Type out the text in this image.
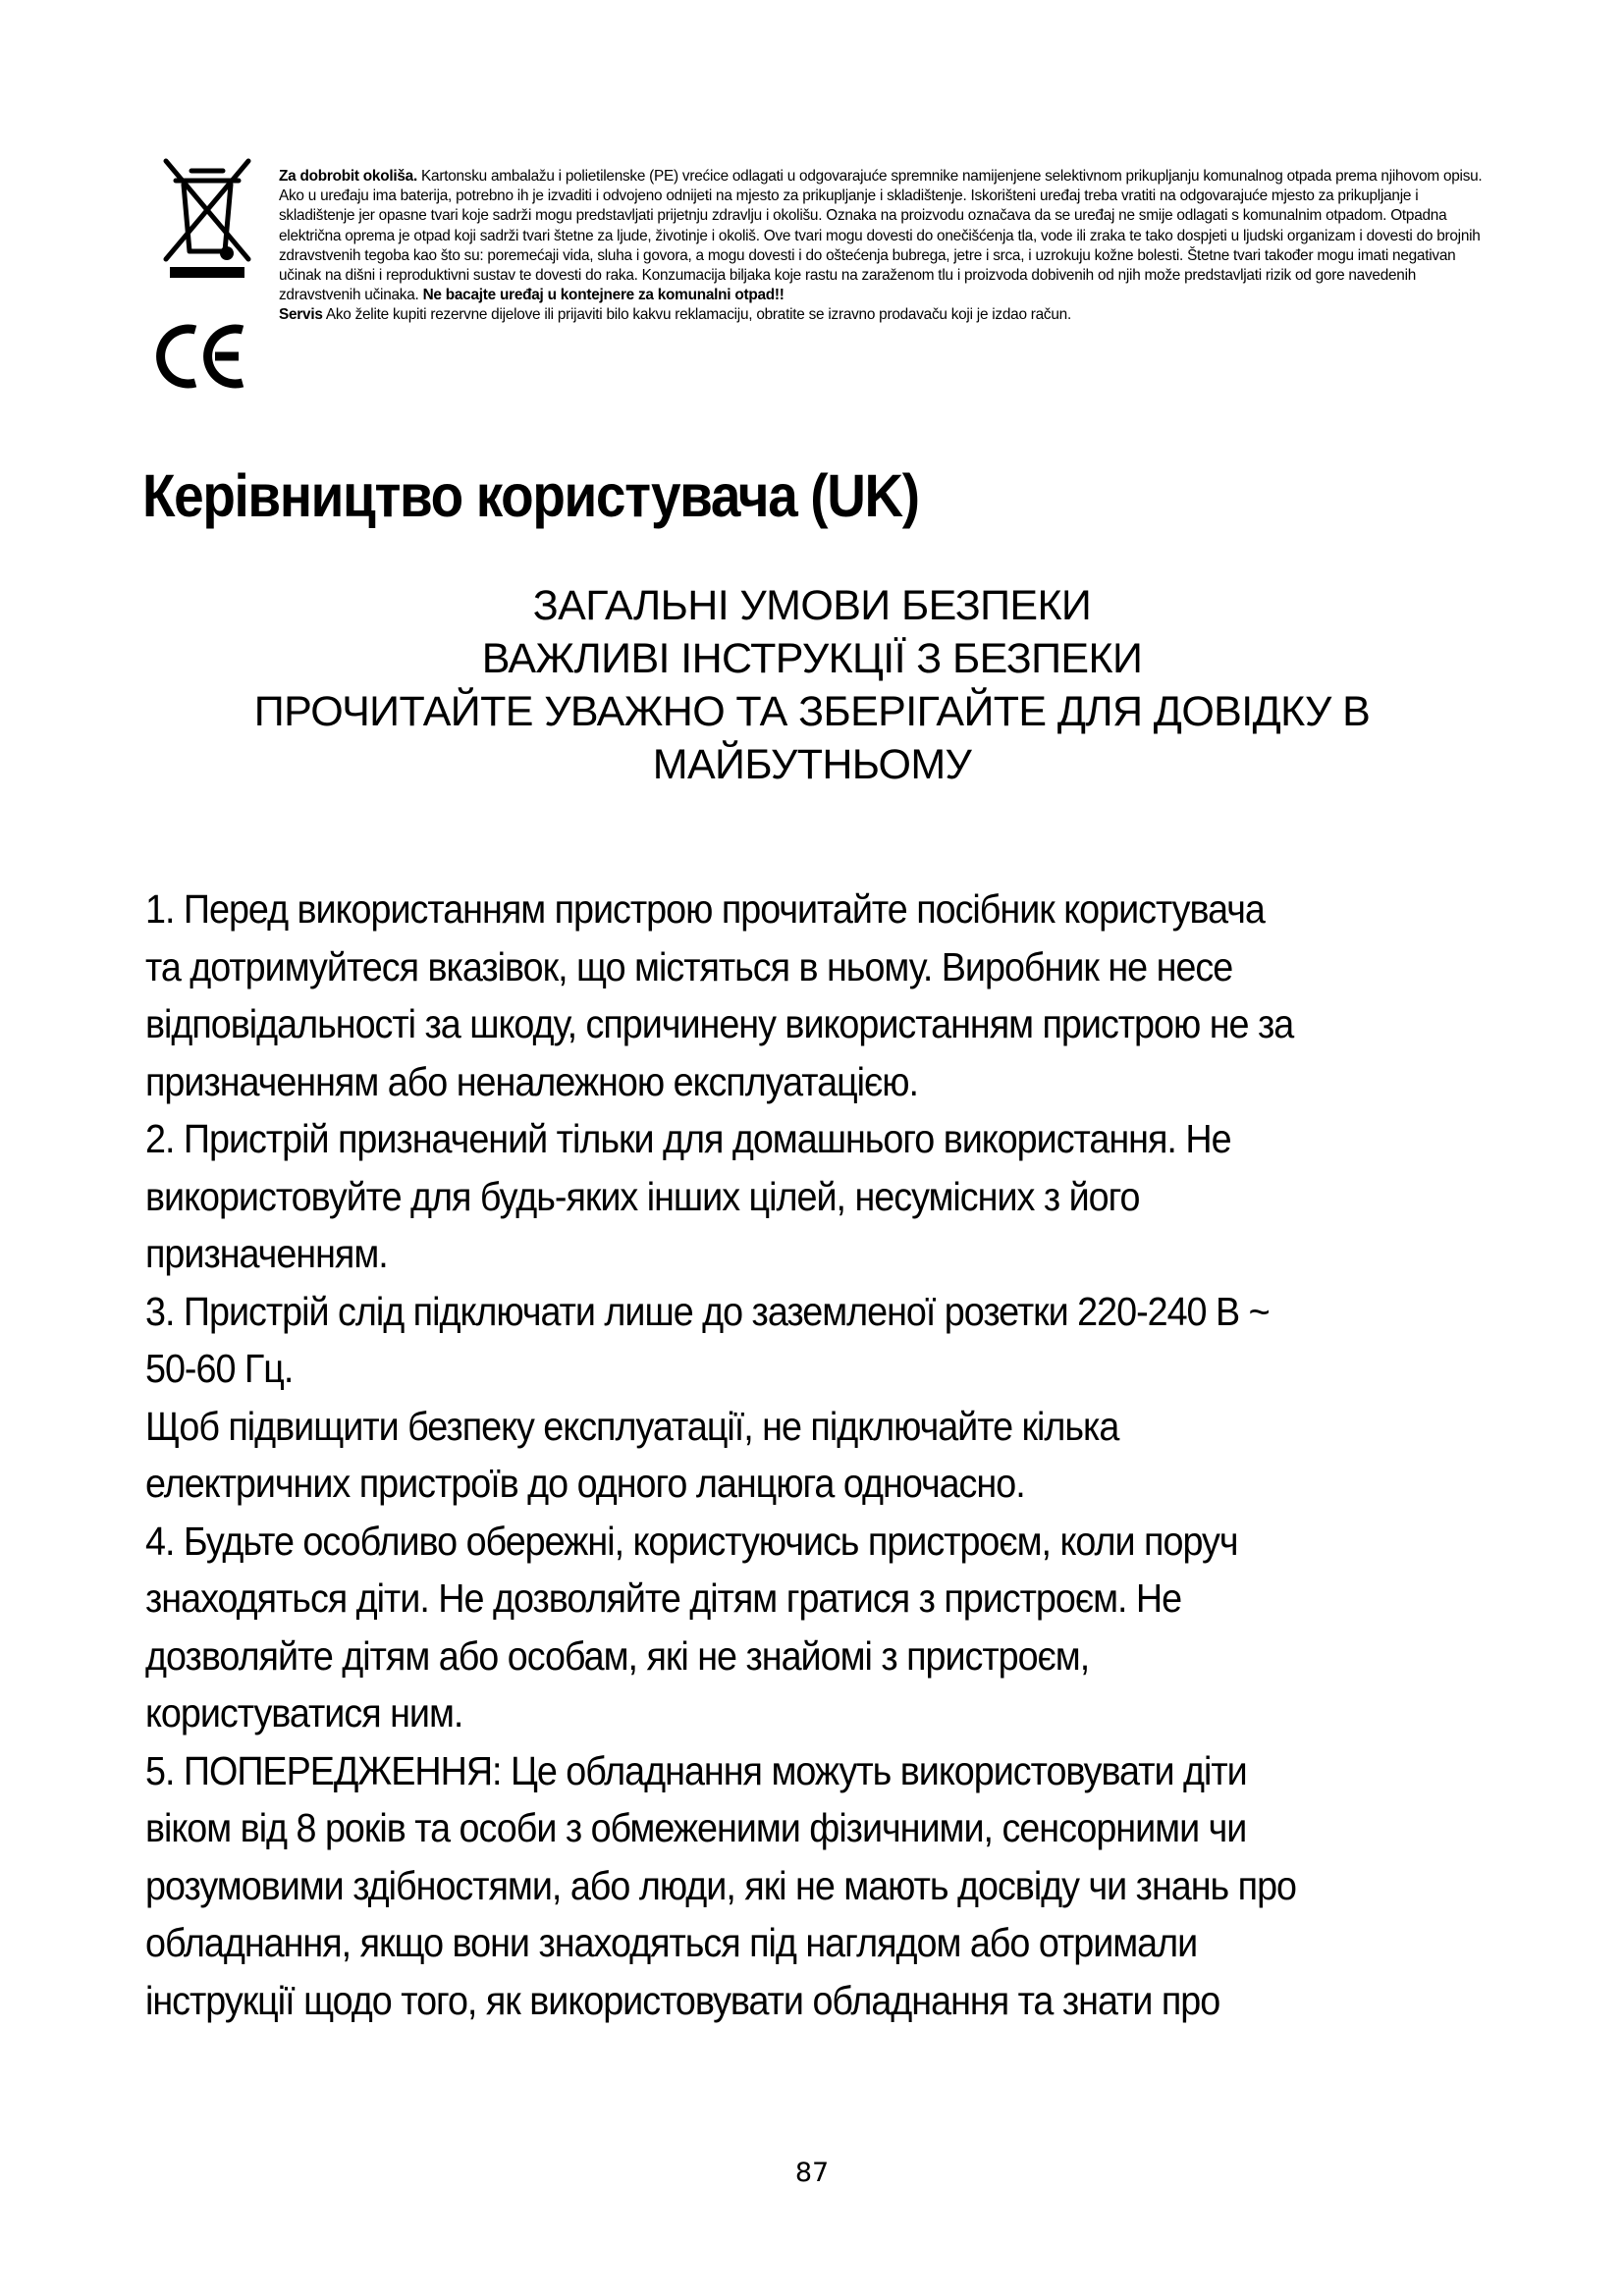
Za dobrobit okoliša. Kartonsku ambalažu i polietilenske (PE) vrećice odlagati u odgovarajuće spremnike namijenjene selektivnom prikupljanju komunalnog otpada prema njihovom opisu. Ako u uređaju ima baterija, potrebno ih je izvaditi i odvojeno odnijeti na mjesto za prikupljanje i skladištenje. Iskorišteni uređaj treba vratiti na odgovarajuće mjesto za prikupljanje i skladištenje jer opasne tvari koje sadrži mogu predstavljati prijetnju zdravlju i okolišu. Oznaka na proizvodu označava da se uređaj ne smije odlagati s komunalnim otpadom. Otpadna električna oprema je otpad koji sadrži tvari štetne za ljude, životinje i okoliš. Ove tvari mogu dovesti do onečišćenja tla, vode ili zraka te tako dospjeti u ljudski organizam i dovesti do brojnih zdravstvenih tegoba kao što su: poremećaji vida, sluha i govora, a mogu dovesti i do oštećenja bubrega, jetre i srca, i uzrokuju kožne bolesti. Štetne tvari također mogu imati negativan učinak na dišni i reproduktivni sustav te dovesti do raka. Konzumacija bilјaka koje rastu na zaraženom tlu i proizvoda dobivenih od njih može predstavljati rizik od gore navedenih zdravstvenih učinaka. Ne bacajte uređaj u kontejnere za komunalni otpad!!

Servis Ako želite kupiti rezervne dijelove ili prijaviti bilo kakvu reklamaciju, obratite se izravno prodavaču koji je izdao račun.

Керівництво користувача (UK)
ЗАГАЛЬНІ УМОВИ БЕЗПЕКИ
ВАЖЛИВІ ІНСТРУКЦІЇ З БЕЗПЕКИ
ПРОЧИТАЙТЕ УВАЖНО ТА ЗБЕРІГАЙТЕ ДЛЯ ДОВІДКУ В
МАЙБУТНЬОМУ

1. Перед використанням пристрою прочитайте посібник користувача

та дотримуйтеся вказівок, що містяться в ньому. Виробник не несе

відповідальності за шкоду, спричинену використанням пристрою не за

призначенням або неналежною експлуатацією.

2. Пристрій призначений тільки для домашнього використання. Не

використовуйте для будь-яких інших цілей, несумісних з його

призначенням.

3. Пристрій слід підключати лише до заземленої розетки 220-240 В ~

50-60 Гц.

Щоб підвищити безпеку експлуатації, не підключайте кілька

електричних пристроїв до одного ланцюга одночасно.

4. Будьте особливо обережні, користуючись пристроєм, коли поруч

знаходяться діти. Не дозволяйте дітям гратися з пристроєм. Не

дозволяйте дітям або особам, які не знайомі з пристроєм,

користуватися ним.

5. ПОПЕРЕДЖЕННЯ: Це обладнання можуть використовувати діти

віком від 8 років та особи з обмеженими фізичними, сенсорними чи

розумовими здібностями, або люди, які не мають досвіду чи знань про

обладнання, якщо вони знаходяться під наглядом або отримали

інструкції щодо того, як використовувати обладнання та знати про

87
